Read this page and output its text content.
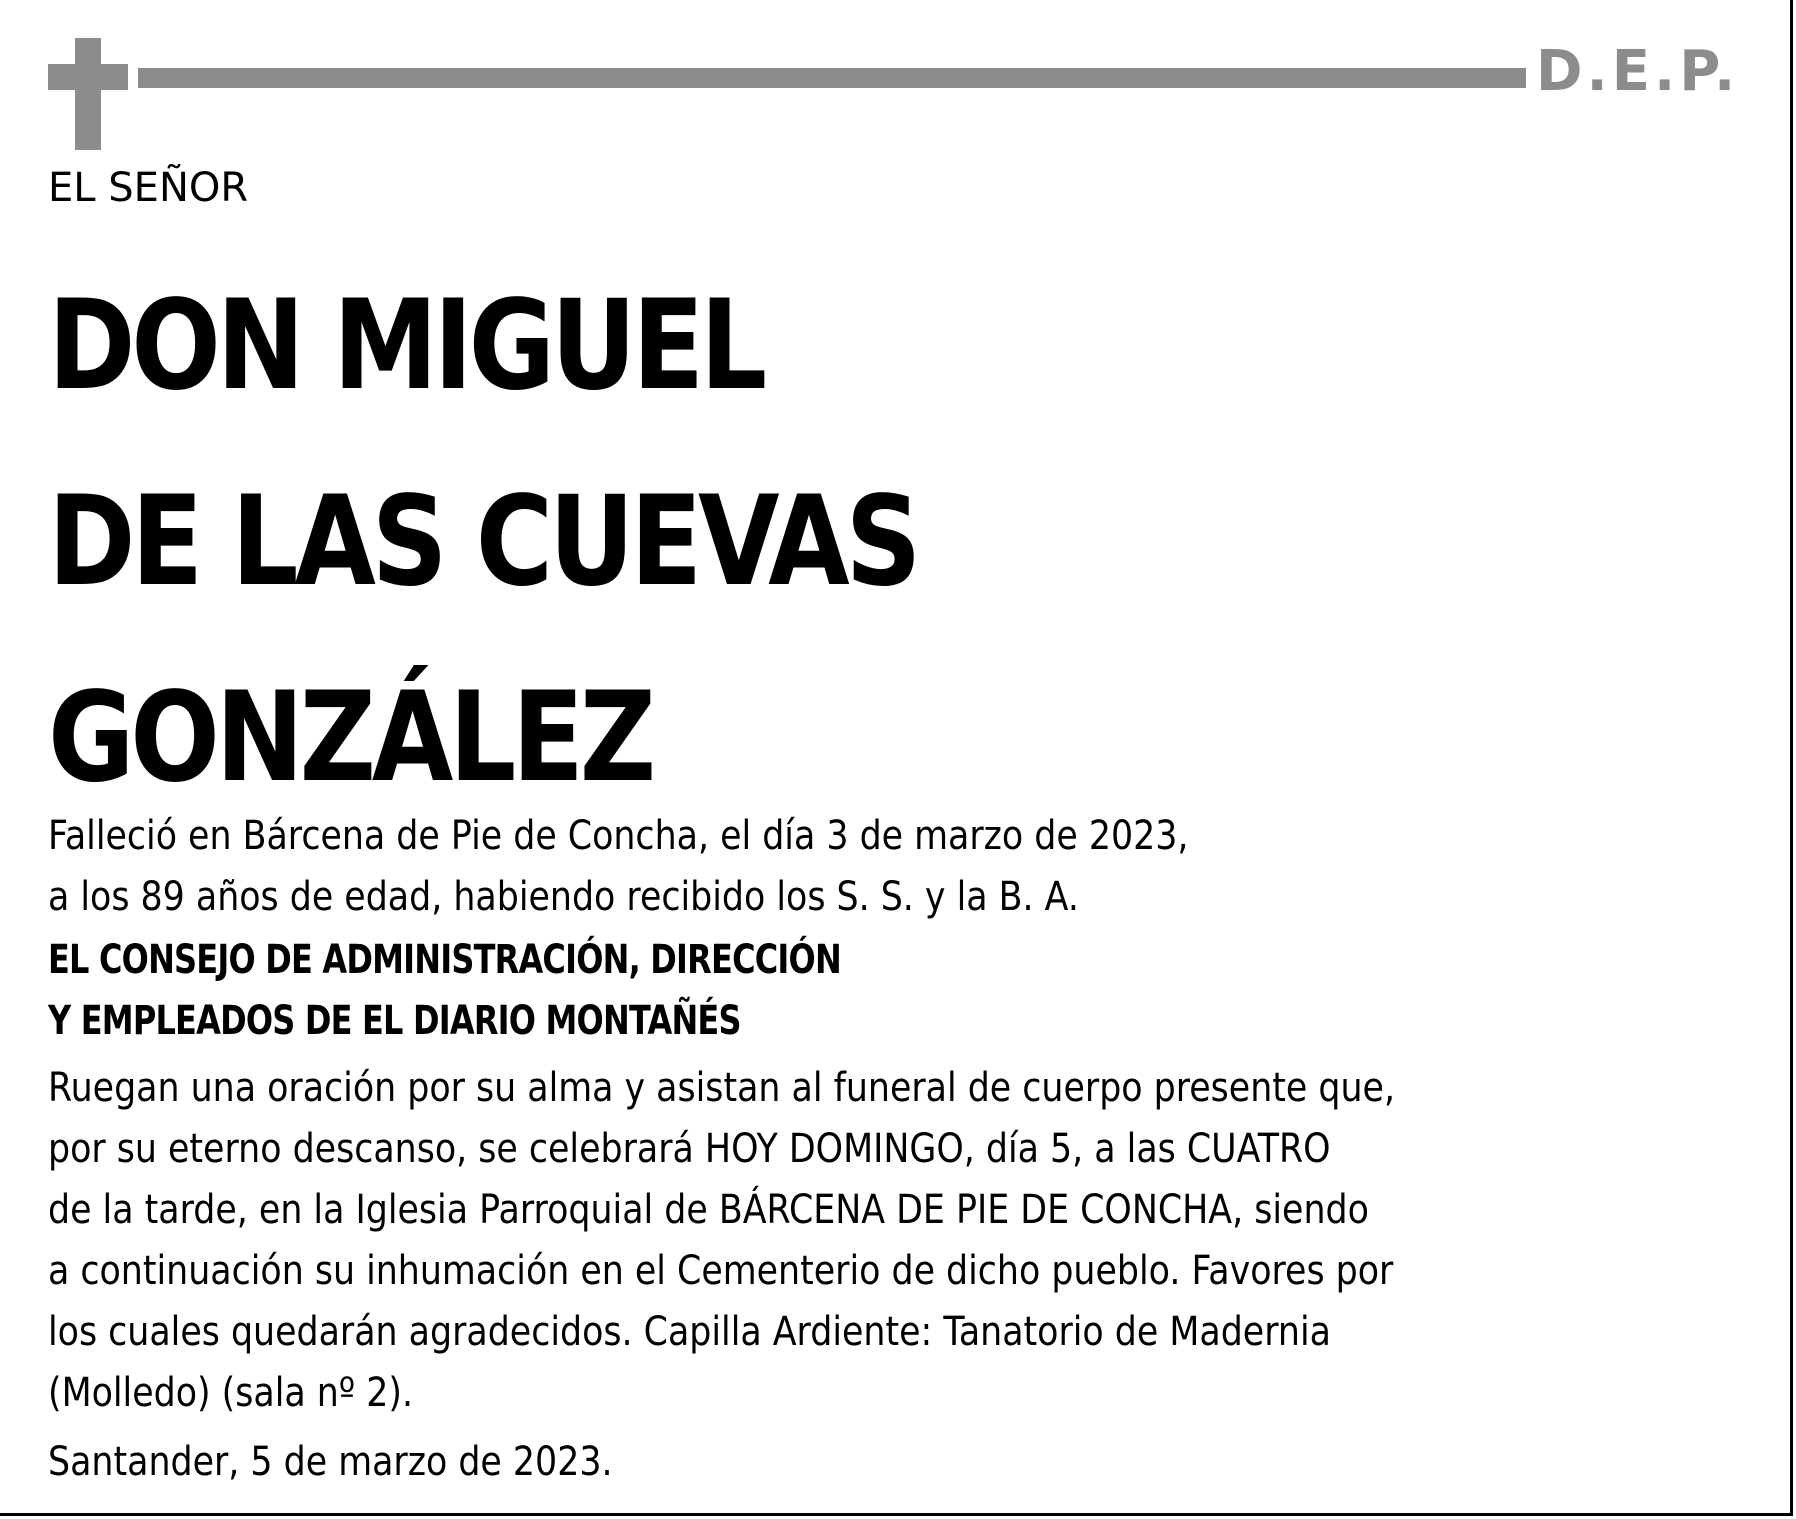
D.E.P.
EL SEÑOR
DON MIGUEL
DE LAS CUEVAS
GONZÁLEZ
Falleció en Bárcena de Pie de Concha, el día 3 de marzo de 2023,
a los 89 años de edad, habiendo recibido los S. S. y la B. A.
EL CONSEJO DE ADMINISTRACIÓN, DIRECCIÓN
Y EMPLEADOS DE EL DIARIO MONTAÑÉS
Ruegan una oración por su alma y asistan al funeral de cuerpo presente que,
por su eterno descanso, se celebrará HOY DOMINGO, día 5, a las CUATRO
de la tarde, en la Iglesia Parroquial de BÁRCENA DE PIE DE CONCHA, siendo
a continuación su inhumación en el Cementerio de dicho pueblo. Favores por
los cuales quedarán agradecidos. Capilla Ardiente: Tanatorio de Madernia
(Molledo) (sala nº 2).
Santander, 5 de marzo de 2023.
